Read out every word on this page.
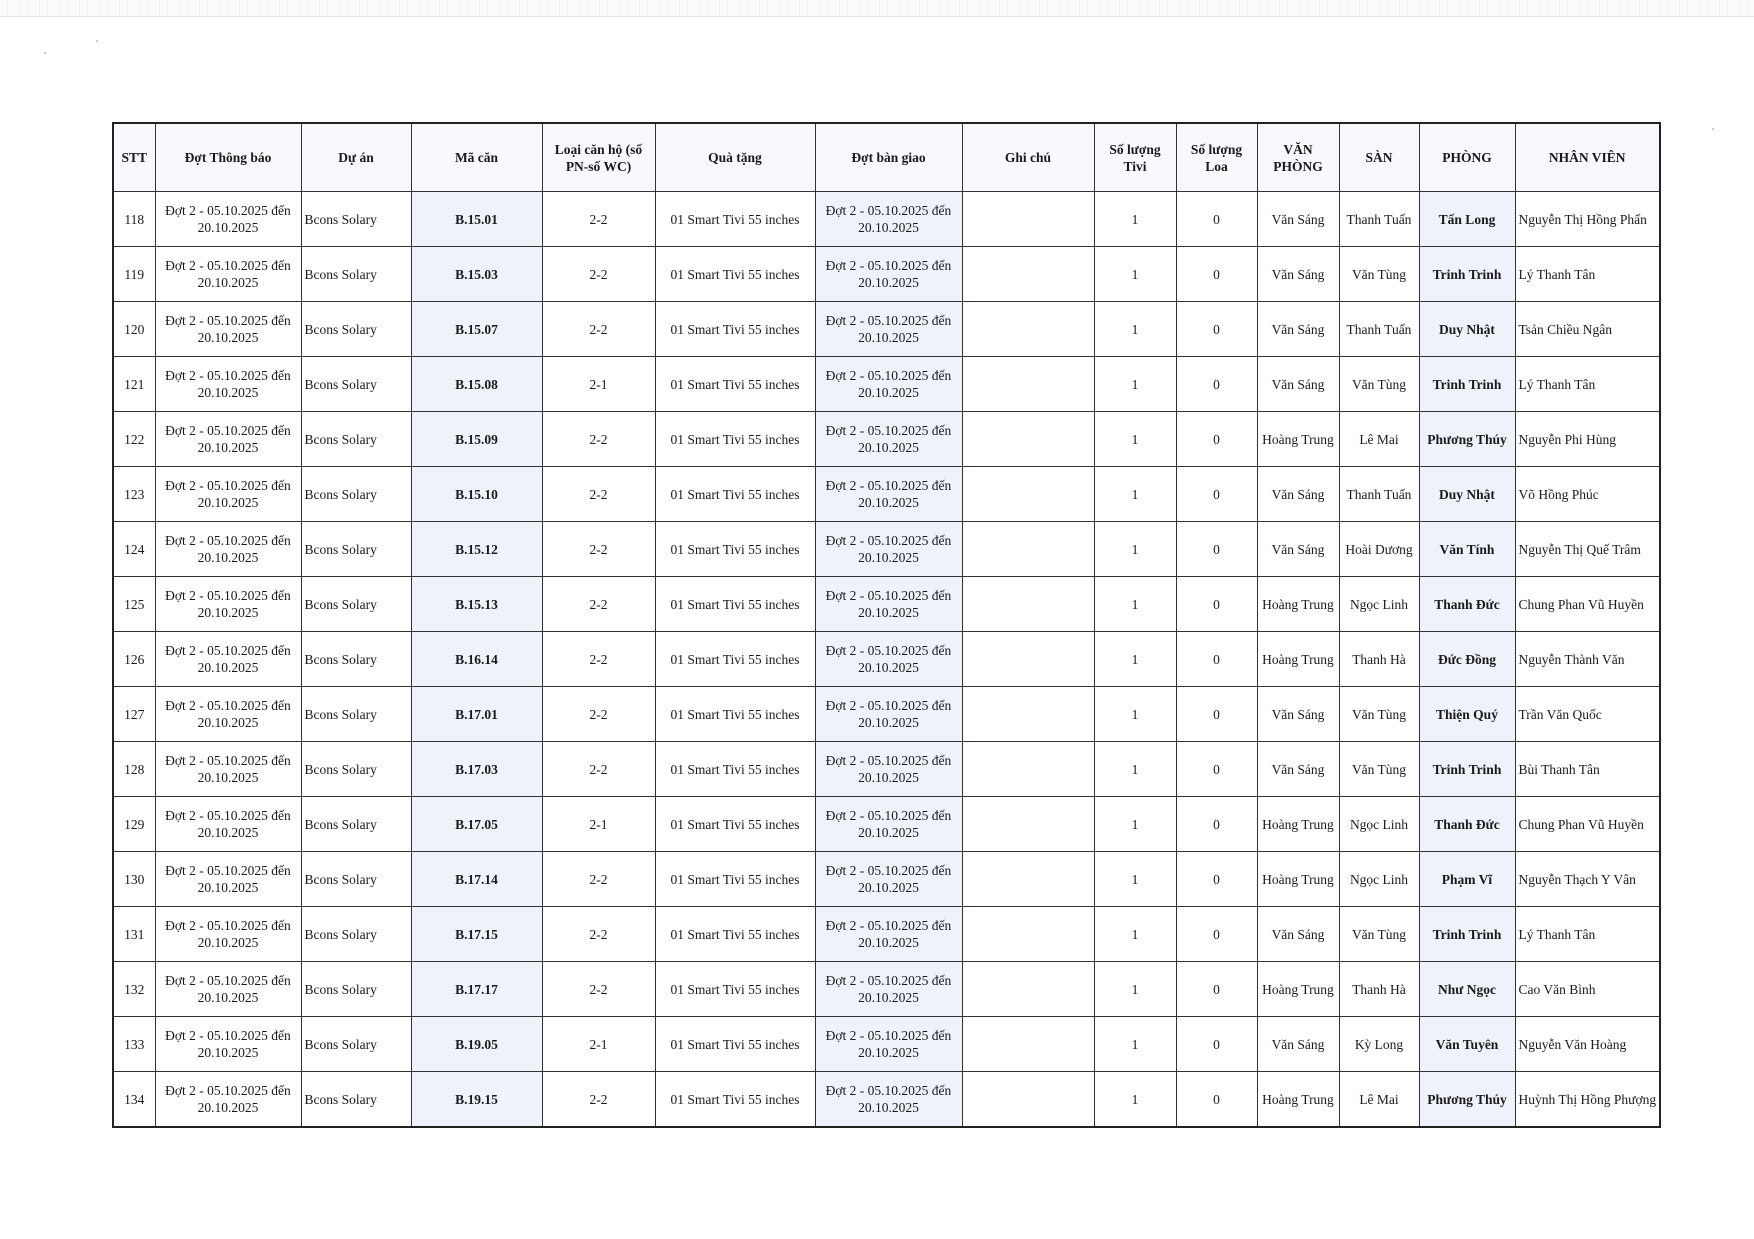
STT	Đợt Thông báo	Dự án	Mã căn	Loại căn hộ (số PN-số WC)	Quà tặng	Đợt bàn giao	Ghi chú	Số lượng Tivi	Số lượng Loa	VĂN PHÒNG	SÀN	PHÒNG	NHÂN VIÊN
118	Đợt 2 - 05.10.2025 đến 20.10.2025	Bcons Solary	B.15.01	2-2	01 Smart Tivi 55 inches	Đợt 2 - 05.10.2025 đến 20.10.2025		1	0	Văn Sáng	Thanh Tuấn	Tấn Long	Nguyễn Thị Hồng Phấn
119	Đợt 2 - 05.10.2025 đến 20.10.2025	Bcons Solary	B.15.03	2-2	01 Smart Tivi 55 inches	Đợt 2 - 05.10.2025 đến 20.10.2025		1	0	Văn Sáng	Văn Tùng	Trinh Trinh	Lý Thanh Tân
120	Đợt 2 - 05.10.2025 đến 20.10.2025	Bcons Solary	B.15.07	2-2	01 Smart Tivi 55 inches	Đợt 2 - 05.10.2025 đến 20.10.2025		1	0	Văn Sáng	Thanh Tuấn	Duy Nhật	Tsản Chiều Ngân
121	Đợt 2 - 05.10.2025 đến 20.10.2025	Bcons Solary	B.15.08	2-1	01 Smart Tivi 55 inches	Đợt 2 - 05.10.2025 đến 20.10.2025		1	0	Văn Sáng	Văn Tùng	Trinh Trinh	Lý Thanh Tân
122	Đợt 2 - 05.10.2025 đến 20.10.2025	Bcons Solary	B.15.09	2-2	01 Smart Tivi 55 inches	Đợt 2 - 05.10.2025 đến 20.10.2025		1	0	Hoàng Trung	Lê Mai	Phương Thúy	Nguyễn Phi Hùng
123	Đợt 2 - 05.10.2025 đến 20.10.2025	Bcons Solary	B.15.10	2-2	01 Smart Tivi 55 inches	Đợt 2 - 05.10.2025 đến 20.10.2025		1	0	Văn Sáng	Thanh Tuấn	Duy Nhật	Võ Hồng Phúc
124	Đợt 2 - 05.10.2025 đến 20.10.2025	Bcons Solary	B.15.12	2-2	01 Smart Tivi 55 inches	Đợt 2 - 05.10.2025 đến 20.10.2025		1	0	Văn Sáng	Hoài Dương	Văn Tính	Nguyễn Thị Quế Trâm
125	Đợt 2 - 05.10.2025 đến 20.10.2025	Bcons Solary	B.15.13	2-2	01 Smart Tivi 55 inches	Đợt 2 - 05.10.2025 đến 20.10.2025		1	0	Hoàng Trung	Ngọc Linh	Thanh Đức	Chung Phan Vũ Huyền
126	Đợt 2 - 05.10.2025 đến 20.10.2025	Bcons Solary	B.16.14	2-2	01 Smart Tivi 55 inches	Đợt 2 - 05.10.2025 đến 20.10.2025		1	0	Hoàng Trung	Thanh Hà	Đức Đồng	Nguyễn Thành Văn
127	Đợt 2 - 05.10.2025 đến 20.10.2025	Bcons Solary	B.17.01	2-2	01 Smart Tivi 55 inches	Đợt 2 - 05.10.2025 đến 20.10.2025		1	0	Văn Sáng	Văn Tùng	Thiện Quý	Trần Văn Quốc
128	Đợt 2 - 05.10.2025 đến 20.10.2025	Bcons Solary	B.17.03	2-2	01 Smart Tivi 55 inches	Đợt 2 - 05.10.2025 đến 20.10.2025		1	0	Văn Sáng	Văn Tùng	Trinh Trinh	Bùi Thanh Tân
129	Đợt 2 - 05.10.2025 đến 20.10.2025	Bcons Solary	B.17.05	2-1	01 Smart Tivi 55 inches	Đợt 2 - 05.10.2025 đến 20.10.2025		1	0	Hoàng Trung	Ngọc Linh	Thanh Đức	Chung Phan Vũ Huyền
130	Đợt 2 - 05.10.2025 đến 20.10.2025	Bcons Solary	B.17.14	2-2	01 Smart Tivi 55 inches	Đợt 2 - 05.10.2025 đến 20.10.2025		1	0	Hoàng Trung	Ngọc Linh	Phạm Vĩ	Nguyễn Thạch Y Vân
131	Đợt 2 - 05.10.2025 đến 20.10.2025	Bcons Solary	B.17.15	2-2	01 Smart Tivi 55 inches	Đợt 2 - 05.10.2025 đến 20.10.2025		1	0	Văn Sáng	Văn Tùng	Trinh Trinh	Lý Thanh Tân
132	Đợt 2 - 05.10.2025 đến 20.10.2025	Bcons Solary	B.17.17	2-2	01 Smart Tivi 55 inches	Đợt 2 - 05.10.2025 đến 20.10.2025		1	0	Hoàng Trung	Thanh Hà	Như Ngọc	Cao Văn Bình
133	Đợt 2 - 05.10.2025 đến 20.10.2025	Bcons Solary	B.19.05	2-1	01 Smart Tivi 55 inches	Đợt 2 - 05.10.2025 đến 20.10.2025		1	0	Văn Sáng	Kỳ Long	Văn Tuyên	Nguyễn Văn Hoàng
134	Đợt 2 - 05.10.2025 đến 20.10.2025	Bcons Solary	B.19.15	2-2	01 Smart Tivi 55 inches	Đợt 2 - 05.10.2025 đến 20.10.2025		1	0	Hoàng Trung	Lê Mai	Phương Thúy	Huỳnh Thị Hồng Phượng
